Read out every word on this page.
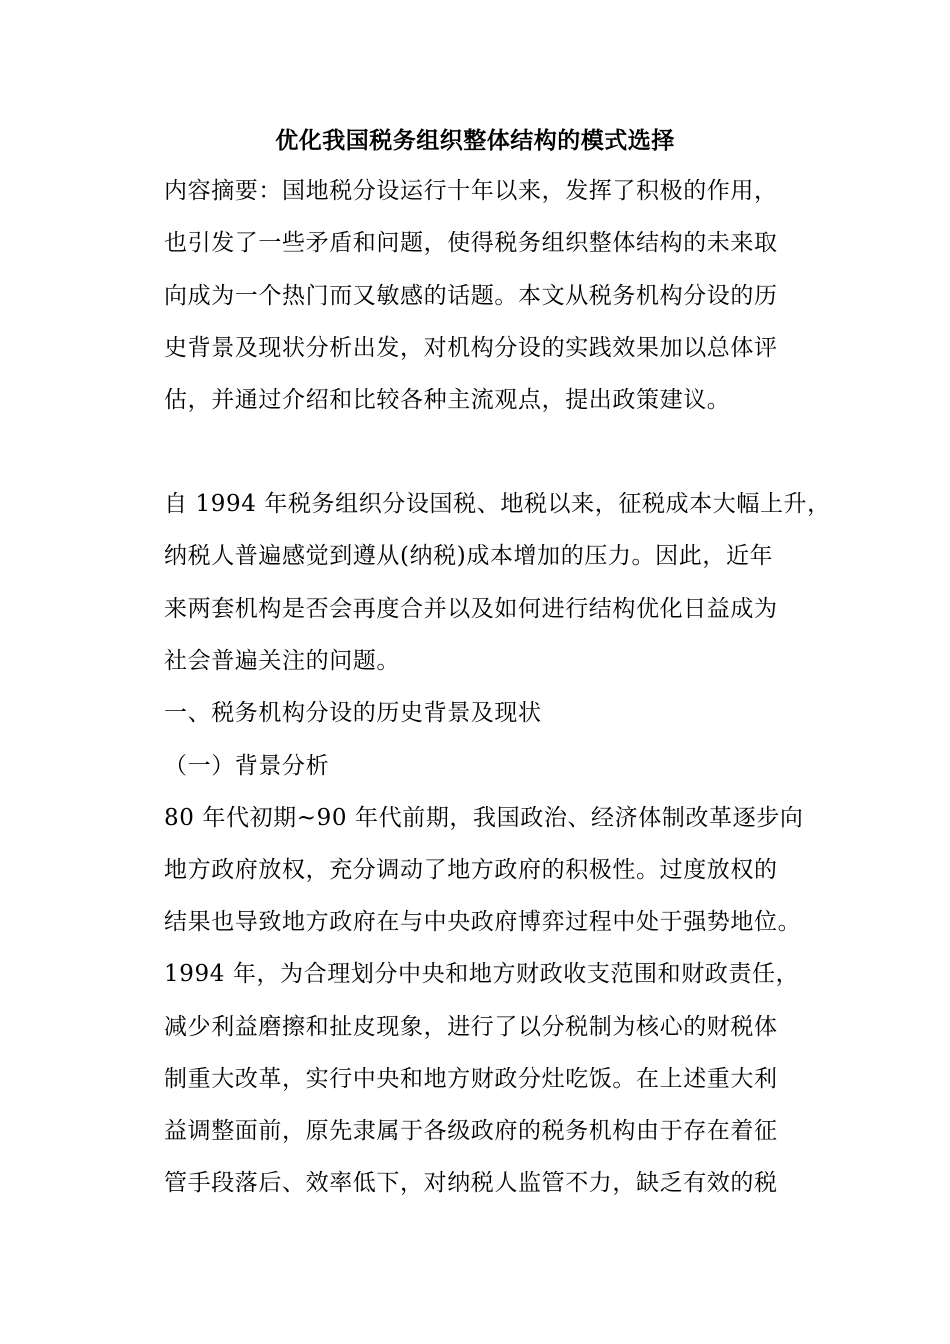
优化我国税务组织整体结构的模式选择
内容摘要：国地税分设运行十年以来，发挥了积极的作用，
也引发了一些矛盾和问题，使得税务组织整体结构的未来取
向成为一个热门而又敏感的话题。本文从税务机构分设的历
史背景及现状分析出发，对机构分设的实践效果加以总体评
估，并通过介绍和比较各种主流观点，提出政策建议。
自 1994 年税务组织分设国税、地税以来，征税成本大幅上升，
纳税人普遍感觉到遵从(纳税)成本增加的压力。因此，近年
来两套机构是否会再度合并以及如何进行结构优化日益成为
社会普遍关注的问题。
一、税务机构分设的历史背景及现状
（一）背景分析
80 年代初期~90 年代前期，我国政治、经济体制改革逐步向
地方政府放权，充分调动了地方政府的积极性。过度放权的
结果也导致地方政府在与中央政府博弈过程中处于强势地位。
1994 年，为合理划分中央和地方财政收支范围和财政责任，
减少利益磨擦和扯皮现象，进行了以分税制为核心的财税体
制重大改革，实行中央和地方财政分灶吃饭。在上述重大利
益调整面前，原先隶属于各级政府的税务机构由于存在着征
管手段落后、效率低下，对纳税人监管不力，缺乏有效的税
